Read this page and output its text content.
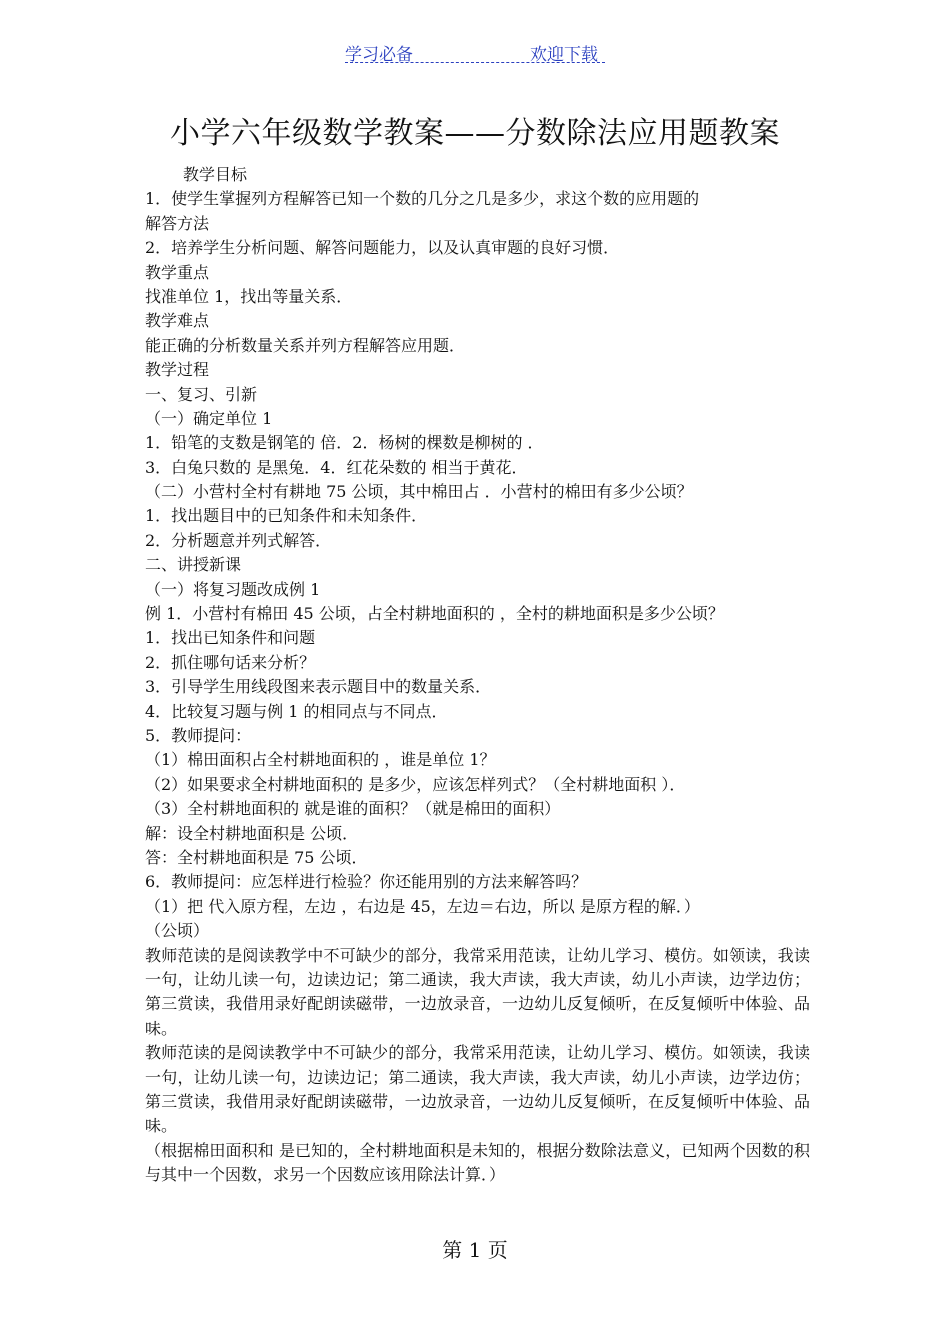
学习必备	欢迎下载
小学六年级数学教案——分数除法应用题教案
教学目标
1．使学生掌握列方程解答已知一个数的几分之几是多少，求这个数的应用题的
解答方法
2．培养学生分析问题、解答问题能力，以及认真审题的良好习惯．
教学重点
找准单位 1，找出等量关系．
教学难点
能正确的分析数量关系并列方程解答应用题．
教学过程
一、复习、引新
（一）确定单位 1
1．铅笔的支数是钢笔的 倍．2．杨树的棵数是柳树的 ．
3．白兔只数的 是黑兔．4．红花朵数的 相当于黄花．
（二）小营村全村有耕地 75 公顷，其中棉田占 ．小营村的棉田有多少公顷？
1．找出题目中的已知条件和未知条件．
2．分析题意并列式解答．
二、讲授新课
（一）将复习题改成例 1
例 1．小营村有棉田 45 公顷，占全村耕地面积的 ，全村的耕地面积是多少公顷？
1．找出已知条件和问题
2．抓住哪句话来分析？
3．引导学生用线段图来表示题目中的数量关系．
4．比较复习题与例 1 的相同点与不同点．
5．教师提问：
（1）棉田面积占全村耕地面积的 ，谁是单位 1？
（2）如果要求全村耕地面积的 是多少，应该怎样列式？（全村耕地面积 ）．
（3）全村耕地面积的 就是谁的面积？（就是棉田的面积）
解：设全村耕地面积是 公顷．
答：全村耕地面积是 75 公顷．
6．教师提问：应怎样进行检验？你还能用别的方法来解答吗？
（1）把 代入原方程，左边 ，右边是 45，左边＝右边，所以 是原方程的解．）
（公顷）
教师范读的是阅读教学中不可缺少的部分，我常采用范读，让幼儿学习、模仿。如领读，我读一句，让幼儿读一句，边读边记；第二通读，我大声读，我大声读，幼儿小声读，边学边仿；第三赏读，我借用录好配朗读磁带，一边放录音，一边幼儿反复倾听，在反复倾听中体验、品味。
教师范读的是阅读教学中不可缺少的部分，我常采用范读，让幼儿学习、模仿。如领读，我读一句，让幼儿读一句，边读边记；第二通读，我大声读，我大声读，幼儿小声读，边学边仿；第三赏读，我借用录好配朗读磁带，一边放录音，一边幼儿反复倾听，在反复倾听中体验、品味。
（根据棉田面积和 是已知的，全村耕地面积是未知的，根据分数除法意义，已知两个因数的积与其中一个因数，求另一个因数应该用除法计算．）
第 1 页
